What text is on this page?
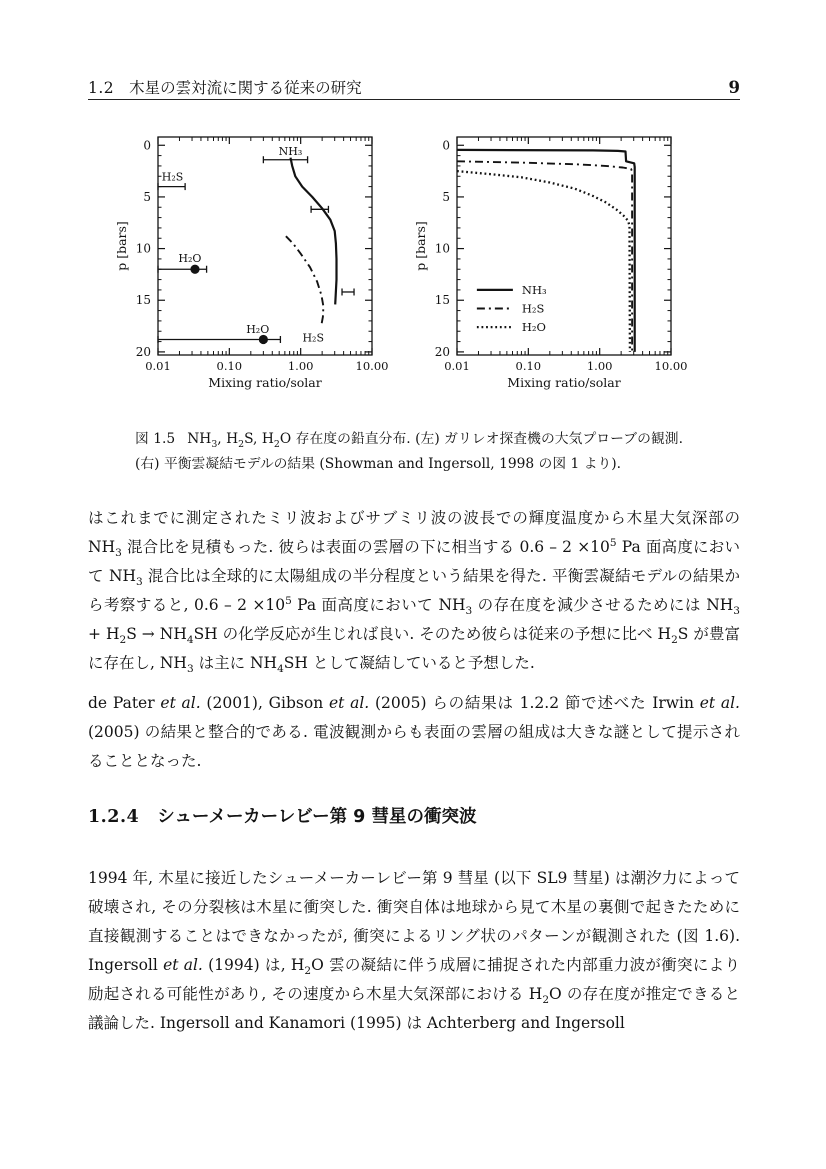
1.2 木星の雲対流に関する従来の研究	9
0.01	0.10	1.00	10.00
0
5
10
15
20
Mixing ratio/solar
p [bars]
NH₃
H₂S
H₂O
H₂O
H₂S
0.01	0.10	1.00	10.00
0
5
10
15
20
Mixing ratio/solar
p [bars]
NH₃
H₂S
H₂O
図 1.5 $NH_3$, $H_2S$, $H_2O$ 存在度の鉛直分布. (左) ガリレオ探査機の大気プローブの観測. (右) 平衡雲凝結モデルの結果 (Showman and Ingersoll, 1998 の図 1 より).

はこれまでに測定されたミリ波およびサブミリ波の波長での輝度温度から木星大気深部の $NH_3$ 混合比を見積もった. 彼らは表面の雲層の下に相当する $0.6 - 2 \times 10^5$ Pa 面高度において $NH_3$ 混合比は全球的に太陽組成の半分程度という結果を得た. 平衡雲凝結モデルの結果から考察すると, $0.6 - 2 \times 10^5$ Pa 面高度において $NH_3$ の存在度を減少させるためには $NH_3 + H_2S \to NH_4SH$ の化学反応が生じれば良い. そのため彼らは従来の予想に比べ $H_2S$ が豊富に存在し, $NH_3$ は主に $NH_4SH$ として凝結していると予想した.

de Pater et al. (2001), Gibson et al. (2005) らの結果は 1.2.2 節で述べた Irwin et al. (2005) の結果と整合的である. 電波観測からも表面の雲層の組成は大きな謎として提示されることとなった.

1.2.4 シューメーカーレビー第 9 彗星の衝突波

1994 年, 木星に接近したシューメーカーレビー第 9 彗星 (以下 SL9 彗星) は潮汐力によって破壊され, その分裂核は木星に衝突した. 衝突自体は地球から見て木星の裏側で起きたために直接観測することはできなかったが, 衝突によるリング状のパターンが観測された (図 1.6). Ingersoll et al. (1994) は, $H_2O$ 雲の凝結に伴う成層に捕捉された内部重力波が衝突により励起される可能性があり, その速度から木星大気深部における $H_2O$ の存在度が推定できると議論した. Ingersoll and Kanamori (1995) は Achterberg and Ingersoll
